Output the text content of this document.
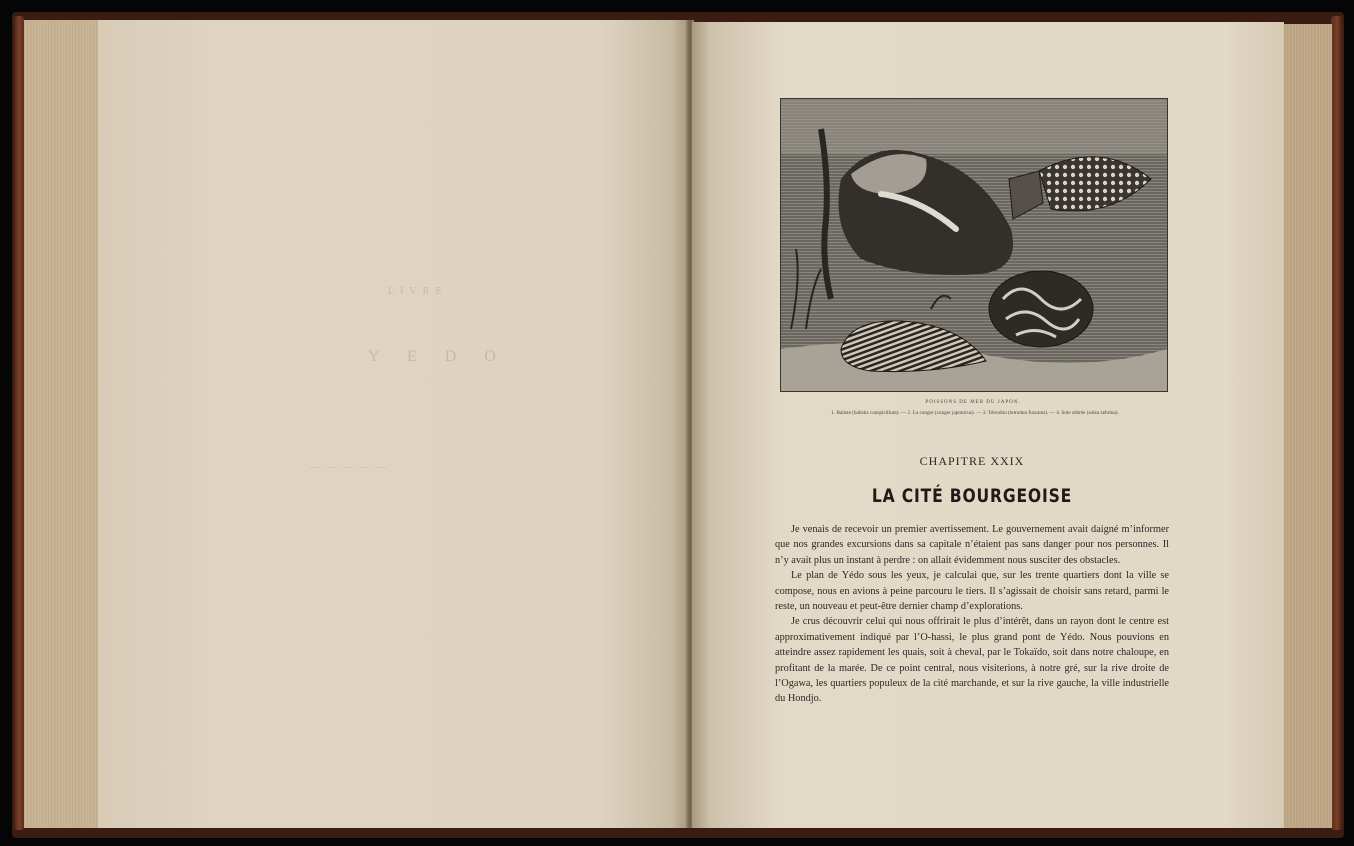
Y E D O
LIVRE
— — — — —
POISSONS DE MER DU JAPON.
1. Baliste (balistis conspicillum). — 2. La congre (conger japonicus). — 3. Tétrodon (tetrodon fuscatus). — 4. Sole zébrée (solea zebrina).
CHAPITRE XXIX
LA CITÉ BOURGEOISE

Je venais de recevoir un premier avertissement. Le gouvernement avait daigné m’informer que nos grandes excursions dans sa capitale n’étaient pas sans danger pour nos personnes. Il n’y avait plus un instant à perdre : on allait évidemment nous susciter des obstacles.

Le plan de Yédo sous les yeux, je calculai que, sur les trente quartiers dont la ville se compose, nous en avions à peine parcouru le tiers. Il s’agissait de choisir sans retard, parmi le reste, un nouveau et peut-être dernier champ d’explorations.

Je crus découvrir celui qui nous offrirait le plus d’intérêt, dans un rayon dont le centre est approximativement indiqué par l’O-hassi, le plus grand pont de Yédo. Nous pouvions en atteindre assez rapidement les quais, soit à cheval, par le Tokaïdo, soit dans notre chaloupe, en profitant de la marée. De ce point central, nous visiterions, à notre gré, sur la rive droite de l’Ogawa, les quartiers populeux de la cité marchande, et sur la rive gauche, la ville industrielle du Hondjo.
